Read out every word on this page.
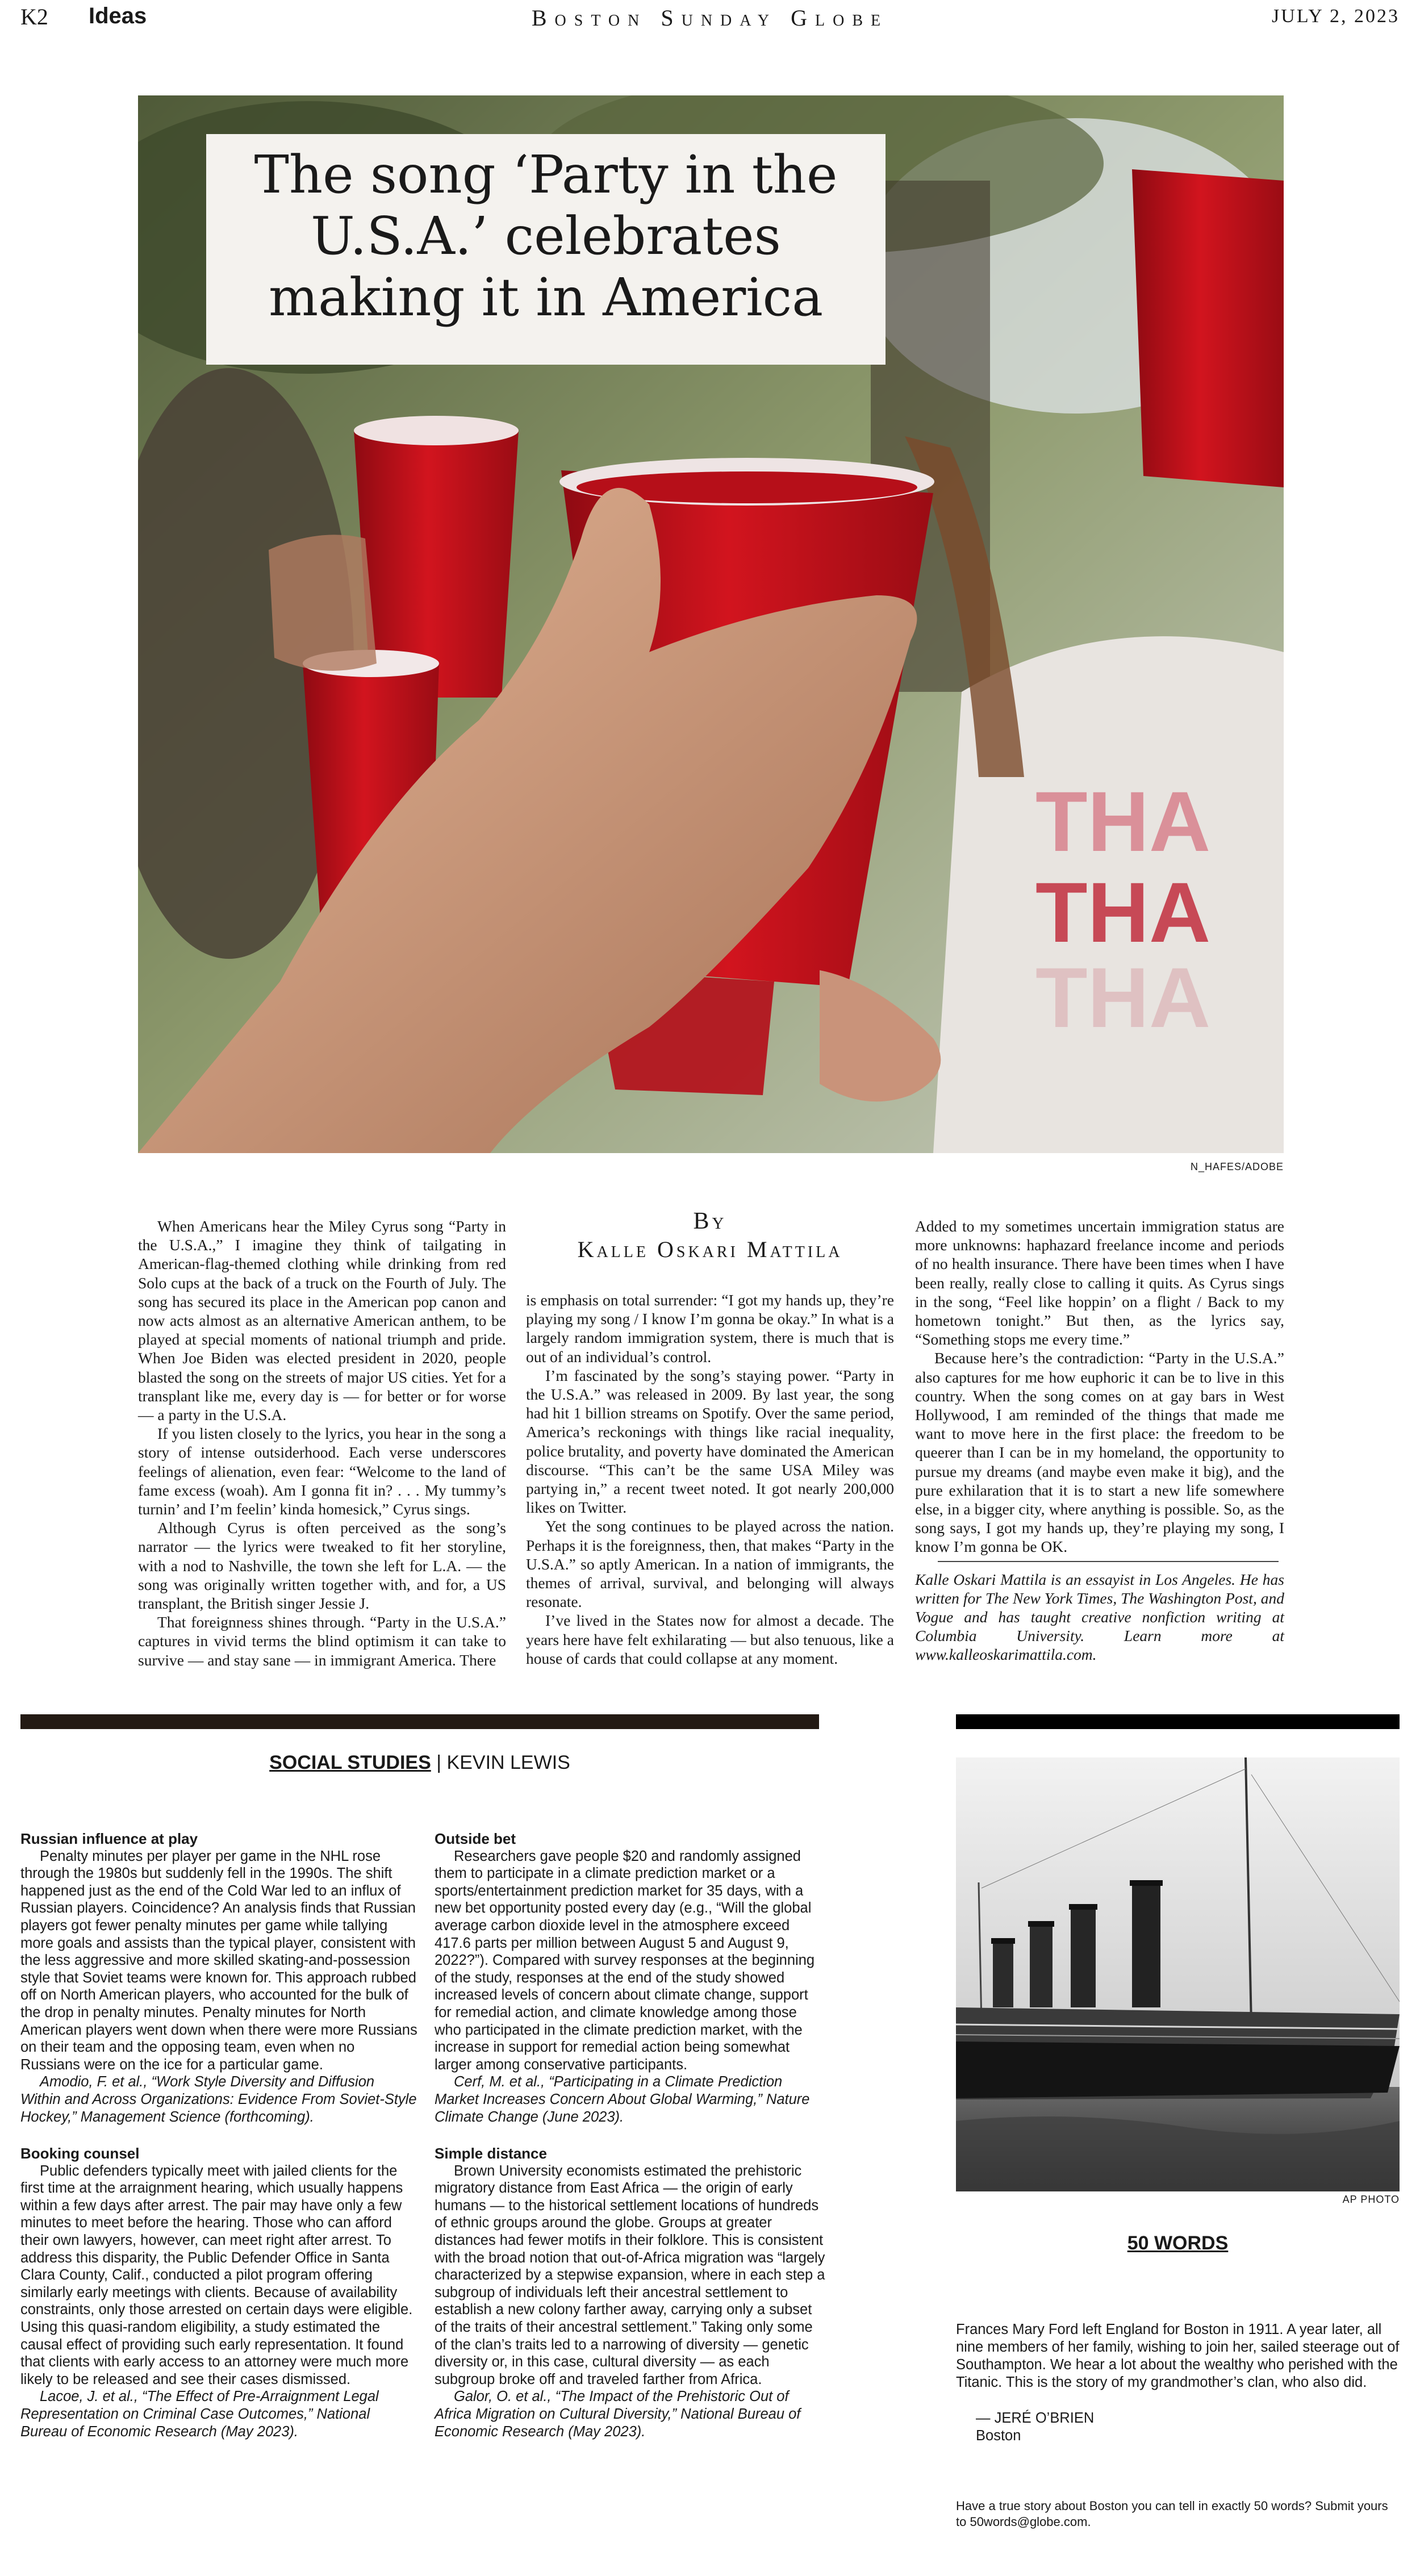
K2 Ideas	Boston Sunday Globe	JULY 2, 2023
THA
THA
THA
The song ‘Party in the U.S.A.’ celebrates making it in America
N_HAFES/ADOBE
By
Kalle Oskari Mattila

When Americans hear the Miley Cyrus song “Party in the U.S.A.,” I imagine they think of tailgating in American-flag-themed clothing while drinking from red Solo cups at the back of a truck on the Fourth of July. The song has secured its place in the American pop canon and now acts almost as an alternative American anthem, to be played at special moments of national triumph and pride. When Joe Biden was elected president in 2020, people blasted the song on the streets of major US cities. Yet for a transplant like me, every day is — for better or for worse — a party in the U.S.A.

If you listen closely to the lyrics, you hear in the song a story of intense outsiderhood. Each verse underscores feelings of alienation, even fear: “Welcome to the land of fame excess (woah). Am I gonna fit in? . . . My tummy’s turnin’ and I’m feelin’ kinda homesick,” Cyrus sings.

Although Cyrus is often perceived as the song’s narrator — the lyrics were tweaked to fit her storyline, with a nod to Nashville, the town she left for L.A. — the song was originally written together with, and for, a US transplant, the British singer Jessie J.

That foreignness shines through. “Party in the U.S.A.” captures in vivid terms the blind optimism it can take to survive — and stay sane — in immigrant America. There

is emphasis on total surrender: “I got my hands up, they’re playing my song / I know I’m gonna be okay.” In what is a largely random immigration system, there is much that is out of an individual’s control.

I’m fascinated by the song’s staying power. “Party in the U.S.A.” was released in 2009. By last year, the song had hit 1 billion streams on Spotify. Over the same period, America’s reckonings with things like racial inequality, police brutality, and poverty have dominated the American discourse. “This can’t be the same USA Miley was partying in,” a recent tweet noted. It got nearly 200,000 likes on Twitter.

Yet the song continues to be played across the nation. Perhaps it is the foreignness, then, that makes “Party in the U.S.A.” so aptly American. In a nation of immigrants, the themes of arrival, survival, and belonging will always resonate.

I’ve lived in the States now for almost a decade. The years here have felt exhilarating — but also tenuous, like a house of cards that could collapse at any moment.

Added to my sometimes uncertain immigration status are more unknowns: haphazard freelance income and periods of no health insurance. There have been times when I have been really, really close to calling it quits. As Cyrus sings in the song, “Feel like hoppin’ on a flight / Back to my hometown tonight.” But then, as the lyrics say, “Something stops me every time.”

Because here’s the contradiction: “Party in the U.S.A.” also captures for me how euphoric it can be to live in this country. When the song comes on at gay bars in West Hollywood, I am reminded of the things that made me want to move here in the first place: the freedom to be queerer than I can be in my homeland, the opportunity to pursue my dreams (and maybe even make it big), and the pure exhilaration that it is to start a new life somewhere else, in a bigger city, where anything is possible. So, as the song says, I got my hands up, they’re playing my song, I know I’m gonna be OK.

Kalle Oskari Mattila is an essayist in Los Angeles. He has written for The New York Times, The Washington Post, and Vogue and has taught creative nonfiction writing at Columbia University. Learn more at www.kalleoskarimattila.com.

SOCIAL STUDIES | KEVIN LEWIS
Russian influence at play

Penalty minutes per player per game in the NHL rose through the 1980s but suddenly fell in the 1990s. The shift happened just as the end of the Cold War led to an influx of Russian players. Coincidence? An analysis finds that Russian players got fewer penalty minutes per game while tallying more goals and assists than the typical player, consistent with the less aggressive and more skilled skating-and-possession style that Soviet teams were known for. This approach rubbed off on North American players, who accounted for the bulk of the drop in penalty minutes. Penalty minutes for North American players went down when there were more Russians on their team and the opposing team, even when no Russians were on the ice for a particular game.

Amodio, F. et al., “Work Style Diversity and Diffusion Within and Across Organizations: Evidence From Soviet-Style Hockey,” Management Science (forthcoming).

Booking counsel

Public defenders typically meet with jailed clients for the first time at the arraignment hearing, which usually happens within a few days after arrest. The pair may have only a few minutes to meet before the hearing. Those who can afford their own lawyers, however, can meet right after arrest. To address this disparity, the Public Defender Office in Santa Clara County, Calif., conducted a pilot program offering similarly early meetings with clients. Because of availability constraints, only those arrested on certain days were eligible. Using this quasi-random eligibility, a study estimated the causal effect of providing such early representation. It found that clients with early access to an attorney were much more likely to be released and see their cases dismissed.

Lacoe, J. et al., “The Effect of Pre-Arraignment Legal Representation on Criminal Case Outcomes,” National Bureau of Economic Research (May 2023).

Outside bet

Researchers gave people $20 and randomly assigned them to participate in a climate prediction market or a sports/entertainment prediction market for 35 days, with a new bet opportunity posted every day (e.g., “Will the global average carbon dioxide level in the atmosphere exceed 417.6 parts per million between August 5 and August 9, 2022?”). Compared with survey responses at the beginning of the study, responses at the end of the study showed increased levels of concern about climate change, support for remedial action, and climate knowledge among those who participated in the climate prediction market, with the increase in support for remedial action being somewhat larger among conservative participants.

Cerf, M. et al., “Participating in a Climate Prediction Market Increases Concern About Global Warming,” Nature Climate Change (June 2023).

Simple distance

Brown University economists estimated the prehistoric migratory distance from East Africa — the origin of early humans — to the historical settlement locations of hundreds of ethnic groups around the globe. Groups at greater distances had fewer motifs in their folklore. This is consistent with the broad notion that out-of-Africa migration was “largely characterized by a stepwise expansion, where in each step a subgroup of individuals left their ancestral settlement to establish a new colony farther away, carrying only a subset of the traits of their ancestral settlement.” Taking only some of the clan’s traits led to a narrowing of diversity — genetic diversity or, in this case, cultural diversity — as each subgroup broke off and traveled farther from Africa.

Galor, O. et al., “The Impact of the Prehistoric Out of Africa Migration on Cultural Diversity,” National Bureau of Economic Research (May 2023).

AP PHOTO
50 WORDS
Frances Mary Ford left England for Boston in 1911. A year later, all nine members of her family, wishing to join her, sailed steerage out of Southampton. We hear a lot about the wealthy who perished with the Titanic. This is the story of my grandmother’s clan, who also did.
— JERÉ O’BRIEN
Boston
Have a true story about Boston you can tell in exactly 50 words? Submit yours to 50words@globe.com.
